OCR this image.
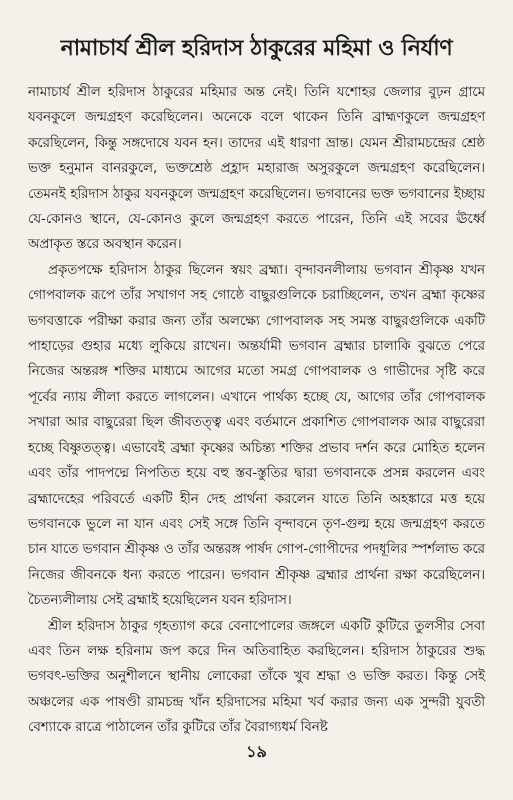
নামাচার্য শ্রীল হরিদাস ঠাকুরের মহিমা ও নির্যাণ

নামাচার্য শ্রীল হরিদাস ঠাকুরের মহিমার অন্ত নেই। তিনি যশোহর জেলার বুঢ়ন গ্রামে যবনকুলে জন্মগ্রহণ করেছিলেন। অনেকে বলে থাকেন তিনি ব্রাহ্মণকুলে জন্মগ্রহণ করেছিলেন, কিন্তু সঙ্গদোষে যবন হন। তাদের এই ধারণা ভ্রান্ত। যেমন শ্রীরামচন্দ্রের শ্রেষ্ঠ ভক্ত হনুমান বানরকুলে, ভক্তশ্রেষ্ঠ প্রহ্লাদ মহারাজ অসুরকুলে জন্মগ্রহণ করেছিলেন। তেমনই হরিদাস ঠাকুর যবনকুলে জন্মগ্রহণ করেছিলেন। ভগবানের ভক্ত ভগবানের ইচ্ছায় যে-কোনও স্থানে, যে-কোনও কুলে জন্মগ্রহণ করতে পারেন, তিনি এই সবের ঊর্ধ্বে অপ্রাকৃত স্তরে অবস্থান করেন।

প্রকৃতপক্ষে হরিদাস ঠাকুর ছিলেন স্বয়ং ব্রহ্মা। বৃন্দাবনলীলায় ভগবান শ্রীকৃষ্ণ যখন গোপবালক রূপে তাঁর সখাগণ সহ গোষ্ঠে বাছুরগুলিকে চরাচ্ছিলেন, তখন ব্রহ্মা কৃষ্ণের ভগবত্তাকে পরীক্ষা করার জন্য তাঁর অলক্ষ্যে গোপবালক সহ সমস্ত বাছুরগুলিকে একটি পাহাড়ের গুহার মধ্যে লুকিয়ে রাখেন। অন্তর্যামী ভগবান ব্রহ্মার চালাকি বুঝতে পেরে নিজের অন্তরঙ্গ শক্তির মাধ্যমে আগের মতো সমগ্র গোপবালক ও গাভীদের সৃষ্টি করে পূর্বের ন্যায় লীলা করতে লাগলেন। এখানে পার্থক্য হচ্ছে যে, আগের তাঁর গোপবালক সখারা আর বাছুরেরা ছিল জীবতত্ত্ব এবং বর্তমানে প্রকাশিত গোপবালক আর বাছুরেরা হচ্ছে বিষ্ণুতত্ত্ব। এভাবেই ব্রহ্মা কৃষ্ণের অচিন্ত্য শক্তির প্রভাব দর্শন করে মোহিত হলেন এবং তাঁর পাদপদ্মে নিপতিত হয়ে বহু স্তব-স্তুতির দ্বারা ভগবানকে প্রসন্ন করলেন এবং ব্রহ্মাদেহের পরিবর্তে একটি হীন দেহ প্রার্থনা করলেন যাতে তিনি অহঙ্কারে মত্ত হয়ে ভগবানকে ভুলে না যান এবং সেই সঙ্গে তিনি বৃন্দাবনে তৃণ-গুল্ম হয়ে জন্মগ্রহণ করতে চান যাতে ভগবান শ্রীকৃষ্ণ ও তাঁর অন্তরঙ্গ পার্ষদ গোপ-গোপীদের পদধূলির স্পর্শলাভ করে নিজের জীবনকে ধন্য করতে পারেন। ভগবান শ্রীকৃষ্ণ ব্রহ্মার প্রার্থনা রক্ষা করেছিলেন। চৈতন্যলীলায় সেই ব্রহ্মাই হয়েছিলেন যবন হরিদাস।

শ্রীল হরিদাস ঠাকুর গৃহত্যাগ করে বেনাপোলের জঙ্গলে একটি কুটিরে তুলসীর সেবা এবং তিন লক্ষ হরিনাম জপ করে দিন অতিবাহিত করছিলেন। হরিদাস ঠাকুরের শুদ্ধ ভগবৎ-ভক্তির অনুশীলনে স্থানীয় লোকেরা তাঁকে খুব শ্রদ্ধা ও ভক্তি করত। কিন্তু সেই অঞ্চলের এক পাষণ্ডী রামচন্দ্র খাঁন হরিদাসের মহিমা খর্ব করার জন্য এক সুন্দরী যুবতী বেশ্যাকে রাত্রে পাঠালেন তাঁর কুটিরে তাঁর বৈরাগ্যধর্ম বিনষ্ট

১৯
